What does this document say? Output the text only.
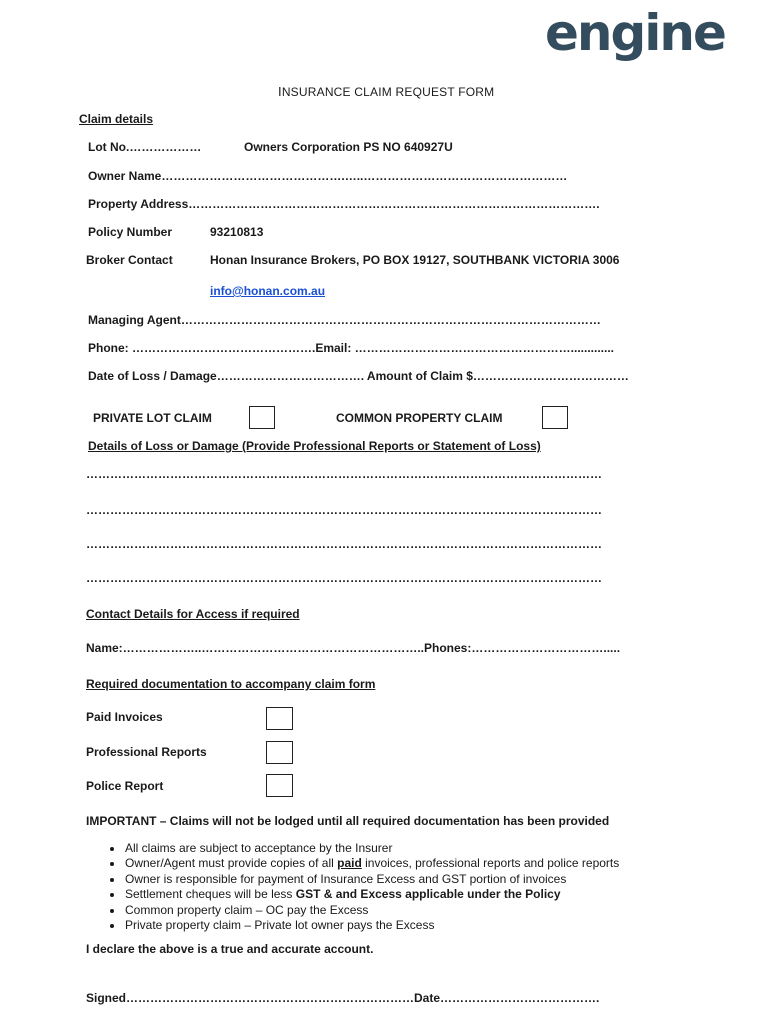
engine
INSURANCE CLAIM REQUEST FORM
Claim details
Lot No.………………	Owners Corporation PS NO 640927U
Owner Name……………………………………….…..……………………………………………
Property Address………………………………………………………………………………………….
Policy Number	93210813
Broker Contact	Honan Insurance Brokers, PO BOX 19127, SOUTHBANK VICTORIA 3006
info@honan.com.au
Managing Agent……………………………………………………………………………………………
Phone: ……………………………………….Email: ……………………………………………….............
Date of Loss / Damage………………………………. Amount of Claim $…………………………………
PRIVATE LOT CLAIM	COMMON PROPERTY CLAIM
Details of Loss or Damage (Provide Professional Reports or Statement of Loss)
…………………………………………………………………………………………………………………
…………………………………………………………………………………………………………………
…………………………………………………………………………………………………………………
…………………………………………………………………………………………………………………
Contact Details for Access if required
Name:………………..………………………………………………..Phones:…………………………….....
Required documentation to accompany claim form
Paid Invoices
Professional Reports
Police Report
IMPORTANT – Claims will not be lodged until all required documentation has been provided
• All claims are subject to acceptance by the Insurer
• Owner/Agent must provide copies of all paid invoices, professional reports and police reports
• Owner is responsible for payment of Insurance Excess and GST portion of invoices
• Settlement cheques will be less GST & and Excess applicable under the Policy
• Common property claim – OC pay the Excess
• Private property claim – Private lot owner pays the Excess
I declare the above is a true and accurate account.
Signed………………………………………………………………Date………………………………….
